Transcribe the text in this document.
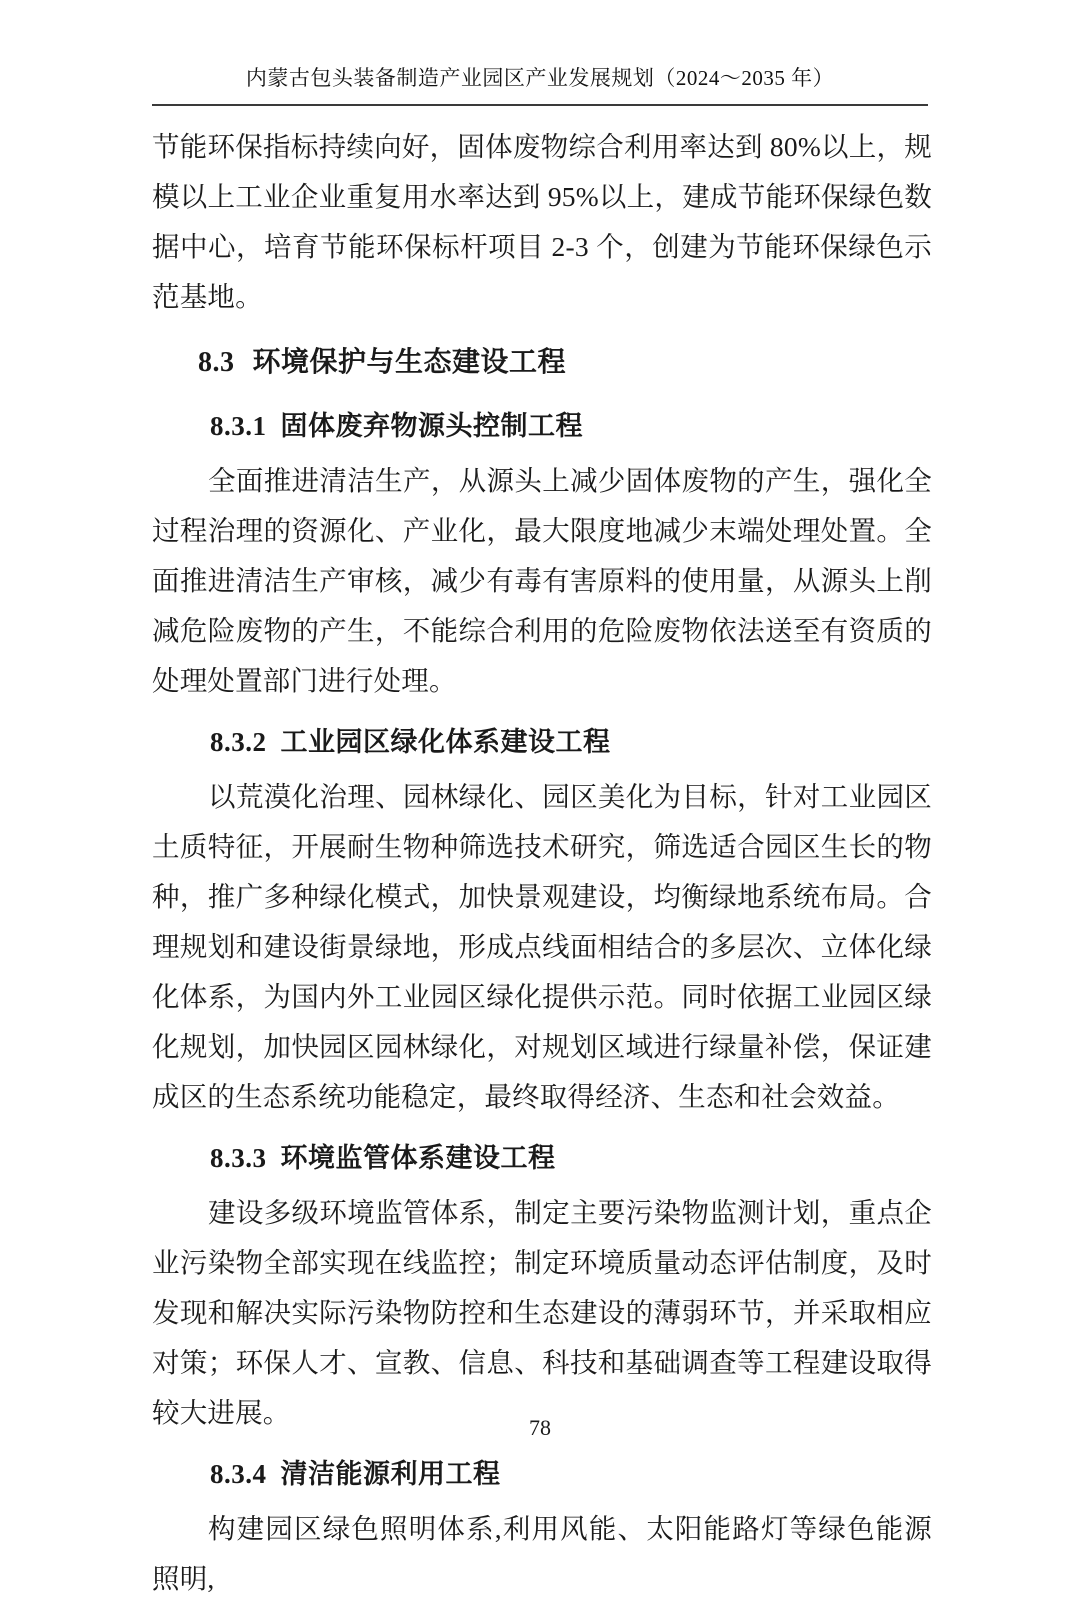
内蒙古包头装备制造产业园区产业发展规划（2024～2035 年）

节能环保指标持续向好，固体废物综合利用率达到 80%以上，规模以上工业企业重复用水率达到 95%以上，建成节能环保绿色数据中心，培育节能环保标杆项目 2-3 个，创建为节能环保绿色示范基地。

8.3 环境保护与生态建设工程
8.3.1 固体废弃物源头控制工程

全面推进清洁生产，从源头上减少固体废物的产生，强化全过程治理的资源化、产业化，最大限度地减少末端处理处置。全面推进清洁生产审核，减少有毒有害原料的使用量，从源头上削减危险废物的产生，不能综合利用的危险废物依法送至有资质的处理处置部门进行处理。

8.3.2 工业园区绿化体系建设工程

以荒漠化治理、园林绿化、园区美化为目标，针对工业园区土质特征，开展耐生物种筛选技术研究，筛选适合园区生长的物种，推广多种绿化模式，加快景观建设，均衡绿地系统布局。合理规划和建设街景绿地，形成点线面相结合的多层次、立体化绿化体系，为国内外工业园区绿化提供示范。同时依据工业园区绿化规划，加快园区园林绿化，对规划区域进行绿量补偿，保证建成区的生态系统功能稳定，最终取得经济、生态和社会效益。

8.3.3 环境监管体系建设工程

建设多级环境监管体系，制定主要污染物监测计划，重点企业污染物全部实现在线监控；制定环境质量动态评估制度，及时发现和解决实际污染物防控和生态建设的薄弱环节，并采取相应对策；环保人才、宣教、信息、科技和基础调查等工程建设取得较大进展。

8.3.4 清洁能源利用工程

构建园区绿色照明体系,利用风能、太阳能路灯等绿色能源照明,

78
